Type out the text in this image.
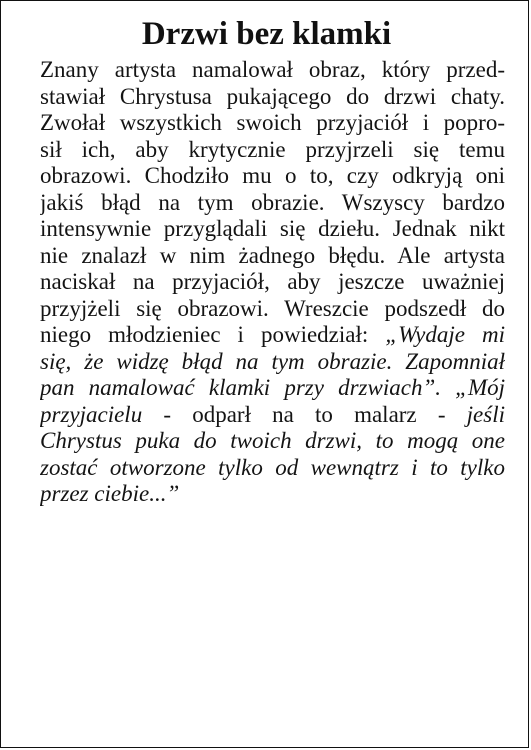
Drzwi bez klamki
Znany artysta namalował obraz, który przed-
stawiał Chrystusa pukającego do drzwi chaty.
Zwołał wszystkich swoich przyjaciół i popro-
sił ich, aby krytycznie przyjrzeli się temu
obrazowi. Chodziło mu o to, czy odkryją oni
jakiś błąd na tym obrazie. Wszyscy bardzo
intensywnie przyglądali się dziełu. Jednak nikt
nie znalazł w nim żadnego błędu. Ale artysta
naciskał na przyjaciół, aby jeszcze uważniej
przyjżeli się obrazowi. Wreszcie podszedł do
niego młodzieniec i powiedział: „Wydaje mi
się, że widzę błąd na tym obrazie. Zapomniał
pan namalować klamki przy drzwiach”. „Mój
przyjacielu - odparł na to malarz - jeśli
Chrystus puka do twoich drzwi, to mogą one
zostać otworzone tylko od wewnątrz i to tylko
przez ciebie...”
